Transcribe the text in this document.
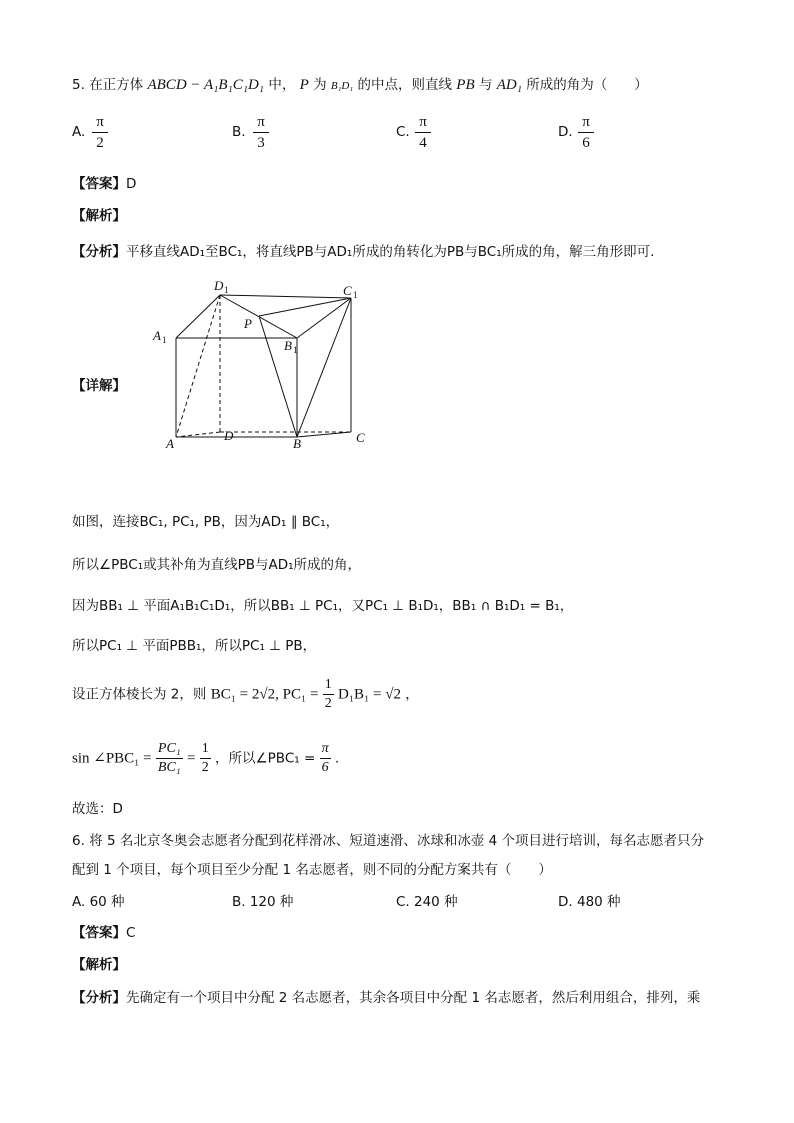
5. 在正方体 ABCD − A₁B₁C₁D₁ 中， P 为 B₁D₁ 的中点，则直线 PB 与 AD₁ 所成的角为（　　）
A. $\frac{\pi}{2}$	B. $\frac{\pi}{3}$	C. $\frac{\pi}{4}$	D. $\frac{\pi}{6}$
【答案】D
【解析】
【分析】平移直线AD₁至BC₁，将直线PB与AD₁所成的角转化为PB与BC₁所成的角，解三角形即可.
【详解】
D 1	C 1
A 1	B 1
P
D	C
A	B
如图，连接BC₁, PC₁, PB，因为AD₁ ∥ BC₁，
所以∠PBC₁或其补角为直线PB与AD₁所成的角，
因为BB₁ ⊥ 平面A₁B₁C₁D₁，所以BB₁ ⊥ PC₁，又PC₁ ⊥ B₁D₁，BB₁ ∩ B₁D₁ = B₁，
所以PC₁ ⊥ 平面PBB₁，所以PC₁ ⊥ PB，
设正方体棱长为 2，则 BC₁ = 2√2, $PC_1 = \frac{1}{2} D_1B_1 = √2$ ，
sin ∠PBC₁ = $\frac{\text{PC₁}}{\text{BC₁}} = \frac{1}{2}$ ，所以∠PBC₁ = $\frac{\pi}{6}$ .
故选：D
6. 将 5 名北京冬奥会志愿者分配到花样滑冰、短道速滑、冰球和冰壶 4 个项目进行培训，每名志愿者只分
配到 1 个项目，每个项目至少分配 1 名志愿者，则不同的分配方案共有（　　）
A. 60 种	B. 120 种	C. 240 种	D. 480 种
【答案】C
【解析】
【分析】先确定有一个项目中分配 2 名志愿者，其余各项目中分配 1 名志愿者，然后利用组合，排列，乘
